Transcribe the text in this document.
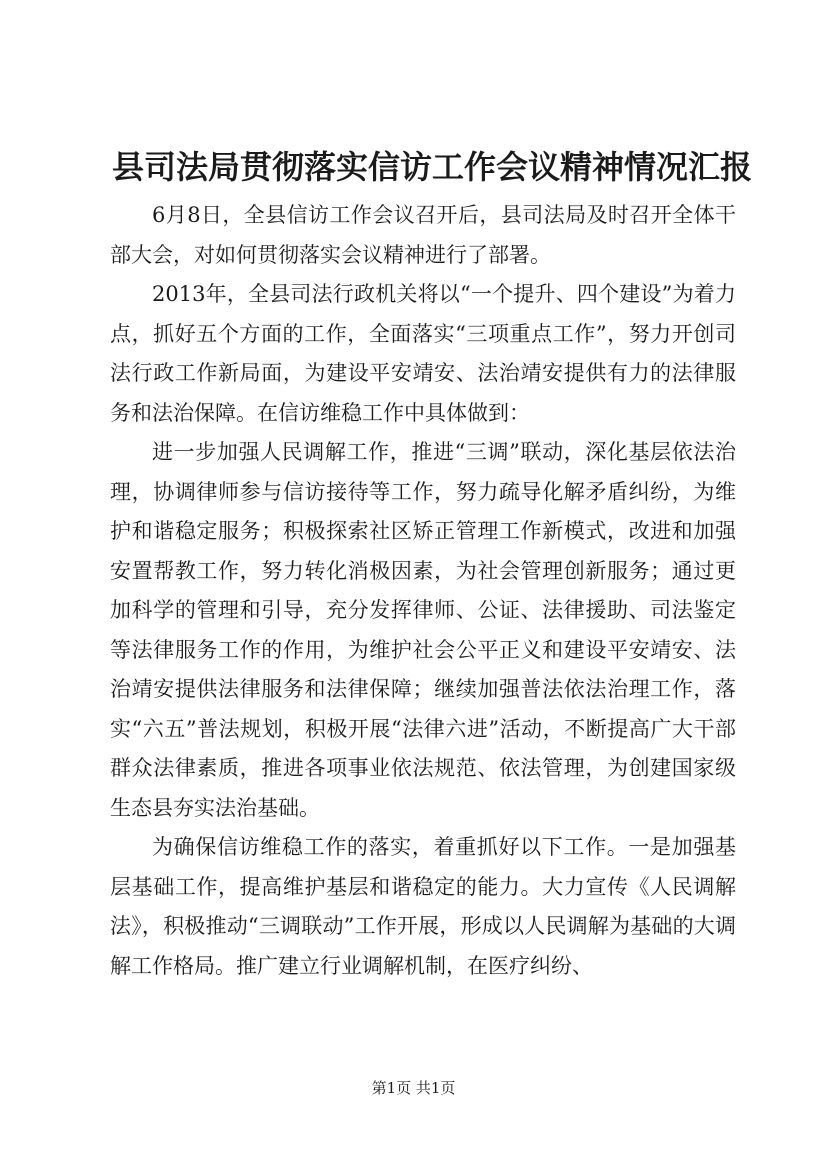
县司法局贯彻落实信访工作会议精神情况汇报

6月8日，全县信访工作会议召开后，县司法局及时召开全体干部大会，对如何贯彻落实会议精神进行了部署。

2013年，全县司法行政机关将以“一个提升、四个建设”为着力点，抓好五个方面的工作，全面落实“三项重点工作”，努力开创司法行政工作新局面，为建设平安靖安、法治靖安提供有力的法律服务和法治保障。在信访维稳工作中具体做到：

进一步加强人民调解工作，推进“三调”联动，深化基层依法治理，协调律师参与信访接待等工作，努力疏导化解矛盾纠纷，为维护和谐稳定服务；积极探索社区矫正管理工作新模式，改进和加强安置帮教工作，努力转化消极因素，为社会管理创新服务；通过更加科学的管理和引导，充分发挥律师、公证、法律援助、司法鉴定等法律服务工作的作用，为维护社会公平正义和建设平安靖安、法治靖安提供法律服务和法律保障；继续加强普法依法治理工作，落实“六五”普法规划，积极开展“法律六进”活动，不断提高广大干部群众法律素质，推进各项事业依法规范、依法管理，为创建国家级生态县夯实法治基础。

为确保信访维稳工作的落实，着重抓好以下工作。一是加强基层基础工作，提高维护基层和谐稳定的能力。大力宣传《人民调解法》，积极推动“三调联动”工作开展，形成以人民调解为基础的大调解工作格局。推广建立行业调解机制，在医疗纠纷、

第1页 共1页
